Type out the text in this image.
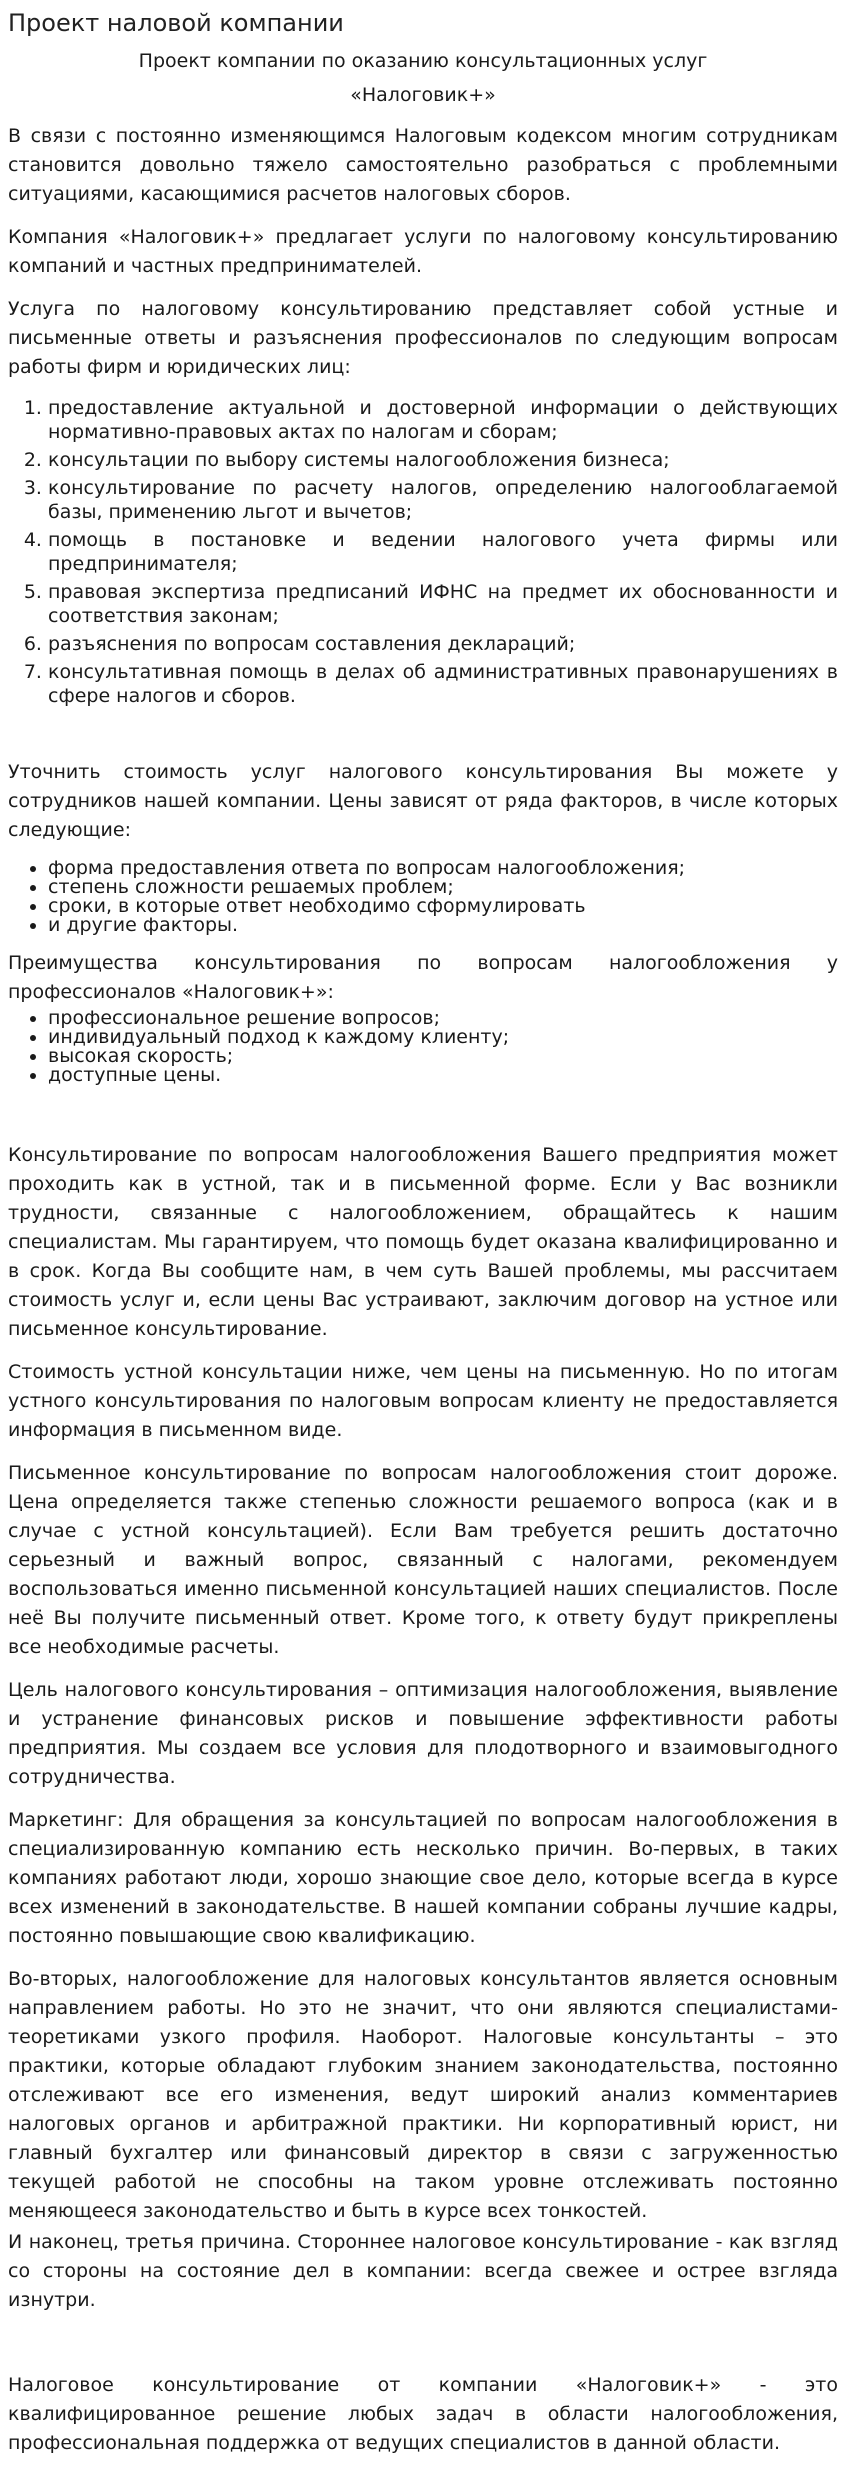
Проект наловой компании
Проект компании по оказанию консультационных услуг
«Налоговик+»

В связи с постоянно изменяющимся Налоговым кодексом многим сотрудникам становится довольно тяжело самостоятельно разобраться с проблемными ситуациями, касающимися расчетов налоговых сборов.

Компания «Налоговик+» предлагает услуги по налоговому консультированию компаний и частных предпринимателей.

Услуга по налоговому консультированию представляет собой устные и письменные ответы и разъяснения профессионалов по следующим вопросам работы фирм и юридических лиц:

1. предоставление актуальной и достоверной информации о действующих нормативно-правовых актах по налогам и сборам;
2. консультации по выбору системы налогообложения бизнеса;
3. консультирование по расчету налогов, определению налогооблагаемой базы, применению льгот и вычетов;
4. помощь в постановке и ведении налогового учета фирмы или предпринимателя;
5. правовая экспертиза предписаний ИФНС на предмет их обоснованности и соответствия законам;
6. разъяснения по вопросам составления деклараций;
7. консультативная помощь в делах об административных правонарушениях в сфере налогов и сборов.

Уточнить стоимость услуг налогового консультирования Вы можете у сотрудников нашей компании. Цены зависят от ряда факторов, в числе которых следующие:

• форма предоставления ответа по вопросам налогообложения;
• степень сложности решаемых проблем;
• сроки, в которые ответ необходимо сформулировать
• и другие факторы.

Преимущества консультирования по вопросам налогообложения у профессионалов «Налоговик+»:

• профессиональное решение вопросов;
• индивидуальный подход к каждому клиенту;
• высокая скорость;
• доступные цены.

Консультирование по вопросам налогообложения Вашего предприятия может проходить как в устной, так и в письменной форме. Если у Вас возникли трудности, связанные с налогообложением, обращайтесь к нашим специалистам. Мы гарантируем, что помощь будет оказана квалифицированно и в срок. Когда Вы сообщите нам, в чем суть Вашей проблемы, мы рассчитаем стоимость услуг и, если цены Вас устраивают, заключим договор на устное или письменное консультирование.

Стоимость устной консультации ниже, чем цены на письменную. Но по итогам устного консультирования по налоговым вопросам клиенту не предоставляется информация в письменном виде.

Письменное консультирование по вопросам налогообложения стоит дороже. Цена определяется также степенью сложности решаемого вопроса (как и в случае с устной консультацией). Если Вам требуется решить достаточно серьезный и важный вопрос, связанный с налогами, рекомендуем воспользоваться именно письменной консультацией наших специалистов. После неё Вы получите письменный ответ. Кроме того, к ответу будут прикреплены все необходимые расчеты.

Цель налогового консультирования – оптимизация налогообложения, выявление и устранение финансовых рисков и повышение эффективности работы предприятия. Мы создаем все условия для плодотворного и взаимовыгодного сотрудничества.

Маркетинг: Для обращения за консультацией по вопросам налогообложения в специализированную компанию есть несколько причин. Во-первых, в таких компаниях работают люди, хорошо знающие свое дело, которые всегда в курсе всех изменений в законодательстве. В нашей компании собраны лучшие кадры, постоянно повышающие свою квалификацию.

Во-вторых, налогообложение для налоговых консультантов является основным направлением работы. Но это не значит, что они являются специалистами-теоретиками узкого профиля. Наоборот. Налоговые консультанты – это практики, которые обладают глубоким знанием законодательства, постоянно отслеживают все его изменения, ведут широкий анализ комментариев налоговых органов и арбитражной практики. Ни корпоративный юрист, ни главный бухгалтер или финансовый директор в связи с загруженностью текущей работой не способны на таком уровне отслеживать постоянно меняющееся законодательство и быть в курсе всех тонкостей.

И наконец, третья причина. Стороннее налоговое консультирование - как взгляд со стороны на состояние дел в компании: всегда свежее и острее взгляда изнутри.

Налоговое консультирование от компании «Налоговик+» - это квалифицированное решение любых задач в области налогообложения, профессиональная поддержка от ведущих специалистов в данной области.
